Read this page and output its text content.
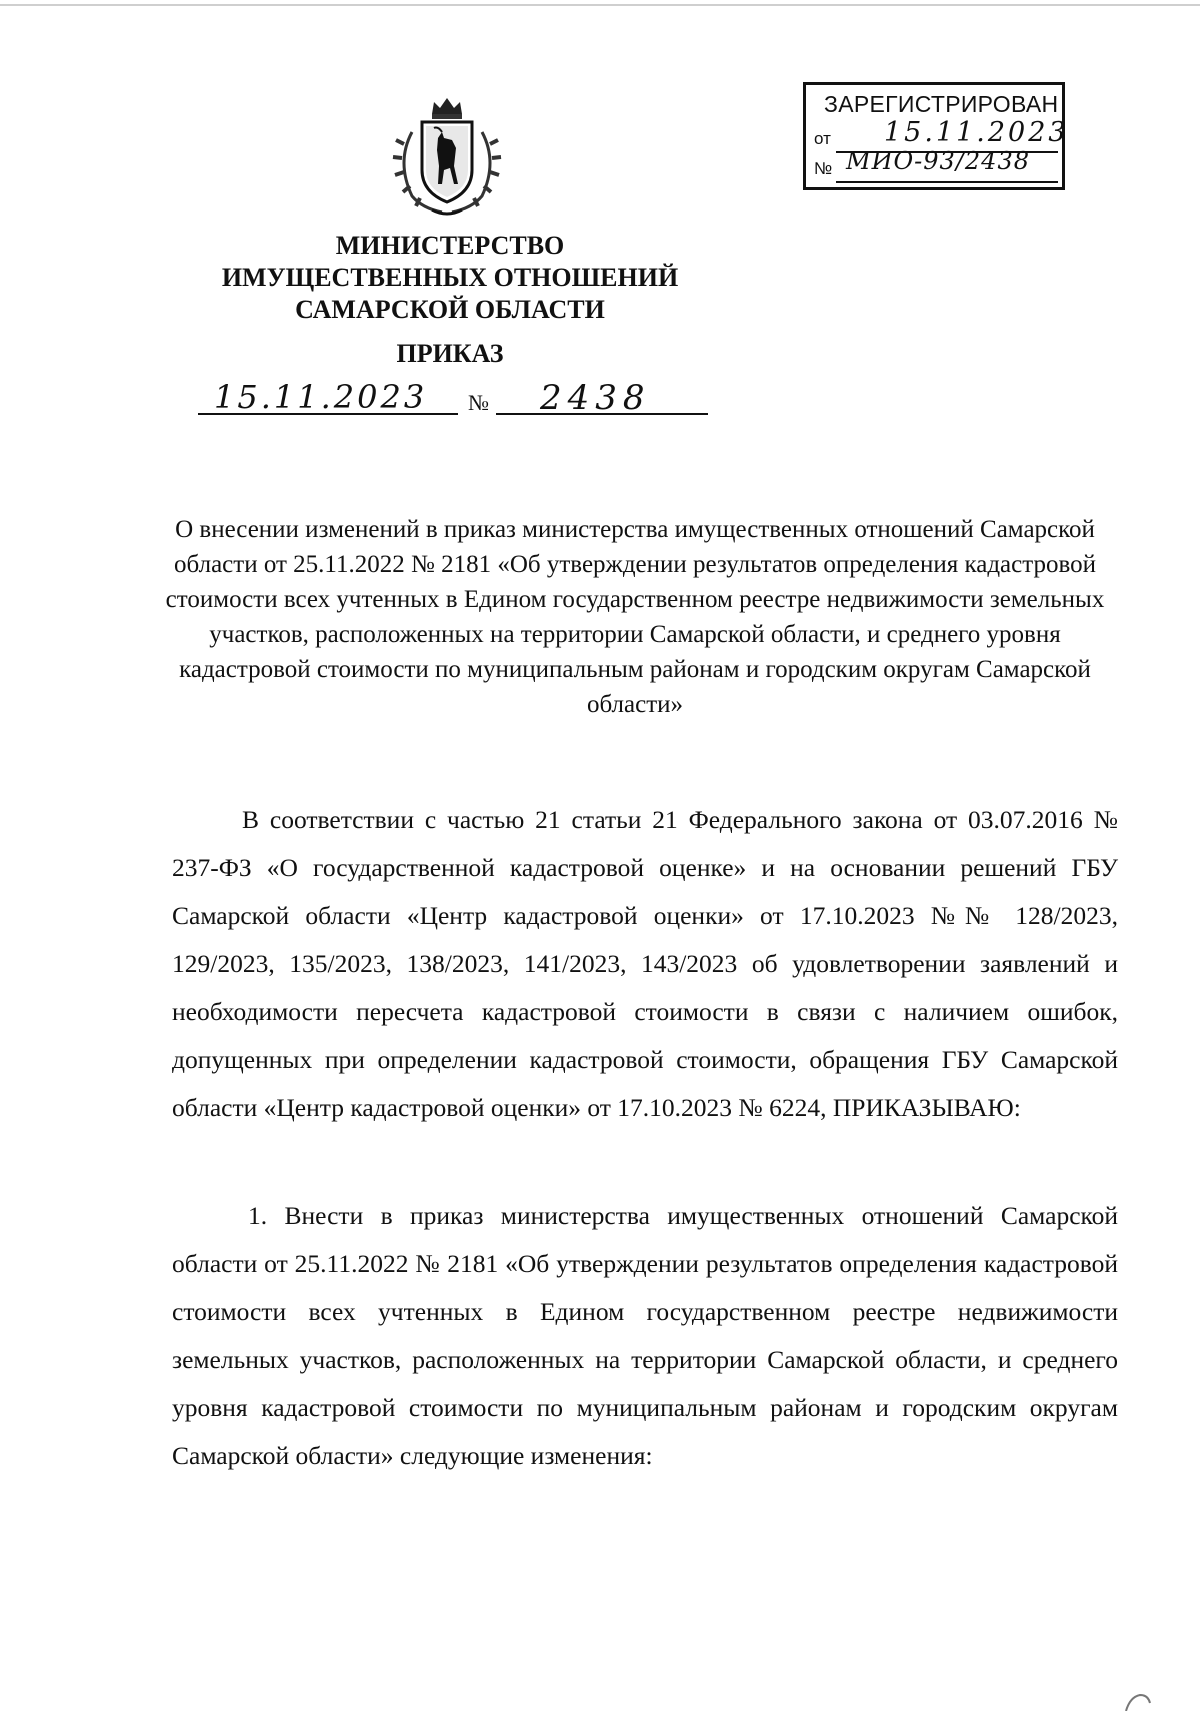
ЗАРЕГИСТРИРОВАН
от 15.11.2023
№ МИО-93/2438
МИНИСТЕРСТВО
ИМУЩЕСТВЕННЫХ ОТНОШЕНИЙ
САМАРСКОЙ ОБЛАСТИ
ПРИКАЗ
15.11.2023 № 2438
О внесении изменений в приказ министерства имущественных отношений Самарской области от 25.11.2022 № 2181 «Об утверждении результатов определения кадастровой стоимости всех учтенных в Едином государственном реестре недвижимости земельных участков, расположенных на территории Самарской области, и среднего уровня кадастровой стоимости по муниципальным районам и городским округам Самарской области»
В соответствии с частью 21 статьи 21 Федерального закона от 03.07.2016 № 237-ФЗ «О государственной кадастровой оценке» и на основании решений ГБУ Самарской области «Центр кадастровой оценки» от 17.10.2023 №№ 128/2023, 129/2023, 135/2023, 138/2023, 141/2023, 143/2023 об удовлетворении заявлений и необходимости пересчета кадастровой стоимости в связи с наличием ошибок, допущенных при определении кадастровой стоимости, обращения ГБУ Самарской области «Центр кадастровой оценки» от 17.10.2023 № 6224, ПРИКАЗЫВАЮ:
1. Внести в приказ министерства имущественных отношений Самарской области от 25.11.2022 № 2181 «Об утверждении результатов определения кадастровой стоимости всех учтенных в Едином государственном реестре недвижимости земельных участков, расположенных на территории Самарской области, и среднего уровня кадастровой стоимости по муниципальным районам и городским округам Самарской области» следующие изменения:
